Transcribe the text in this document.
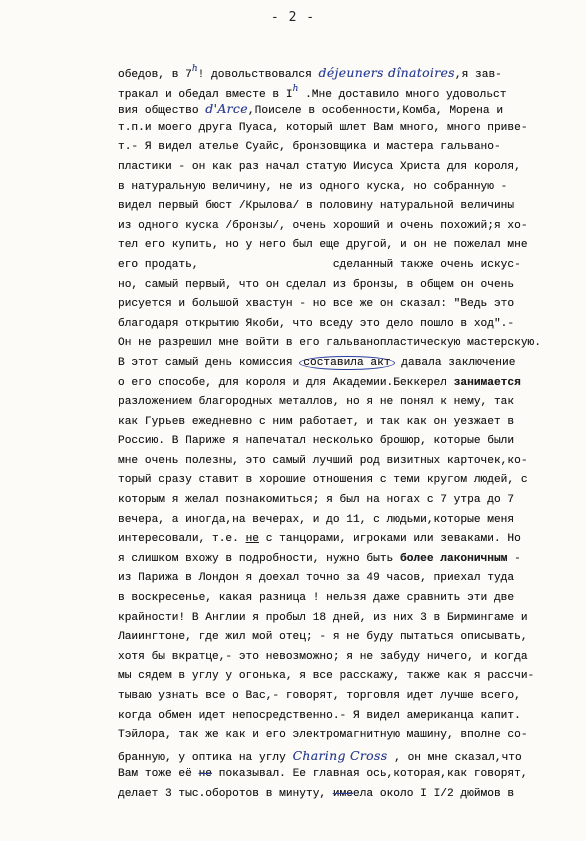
- 2 -
обедов, в 7$^h$! довольствовался déjeuners dînatoires,я зав-
тракал и обедал вместе в $I^h$ .Мне доставило много удовольст
вия общество d'Arce,Поиселе в особенности,Комба, Морена и
т.п.и моего друга Пуаса, который шлет Вам много, много приве-
т.- Я видел ателье Суайс, бронзовщика и мастера гальвано-
пластики - он как раз начал статую Иисуса Христа для короля,
в натуральную величину, не из одного куска, но собранную -
видел первый бюст /Крылова/ в половину натуральной величины
из одного куска /бронзы/, очень хороший и очень похожий;я хо-
тел его купить, но у него был еще другой, и он не пожелал мне
его продать,                    сделанный также очень искус-
но, самый первый, что он сделал из бронзы, в общем он очень
рисуется и большой хвастун - но все же он сказал: "Ведь это
благодаря открытию Якоби, что вседу это дело пошло в ход".-
Он не разрешил мне войти в его гальванопластическую мастерскую.
В этот самый день комиссия составила акт давала заключение
о его способе, для короля и для Академии.Беккерел занимается
разложением благородных металлов, но я не понял к нему, так
как Гурьев ежедневно с ним работает, и так как он уезжает в
Россию. В Париже я напечатал несколько брошюр, которые были
мне очень полезны, это самый лучший род визитных карточек,ко-
торый сразу ставит в хорошие отношения с теми кругом людей, с
которым я желал познакомиться; я был на ногах с 7 утра до 7
вечера, а иногда,на вечерах, и до 11, с людьми,которые меня
интересовали, т.е. не с танцорами, игроками или зеваками. Но
я слишком вхожу в подробности, нужно быть более лаконичным -
из Парижа в Лондон я доехал точно за 49 часов, приехал туда
в воскресенье, какая разница ! нельзя даже сравнить эти две
крайности! В Англии я пробыл 18 дней, из них 3 в Бирмингаме и
Лаиингтоне, где жил мой отец; - я не буду пытаться описывать,
хотя бы вкратце,- это невозможно; я не забуду ничего, и когда
мы сядем в углу у огонька, я все расскажу, также как я рассчи-
тываю узнать все о Вас,- говорят, торговля идет лучше всего,
когда обмен идет непосредственно.- Я видел американца капит.
Тэйлора, так же как и его электромагнитную машину, вполне со-
бранную, у оптика на углу Charing Cross , он мне сказал,что
Вам тоже её не показывал. Ее главная ось,которая,как говорят,
делает 3 тыс.оборотов в минуту, имеела около I I/2 дюймов в
